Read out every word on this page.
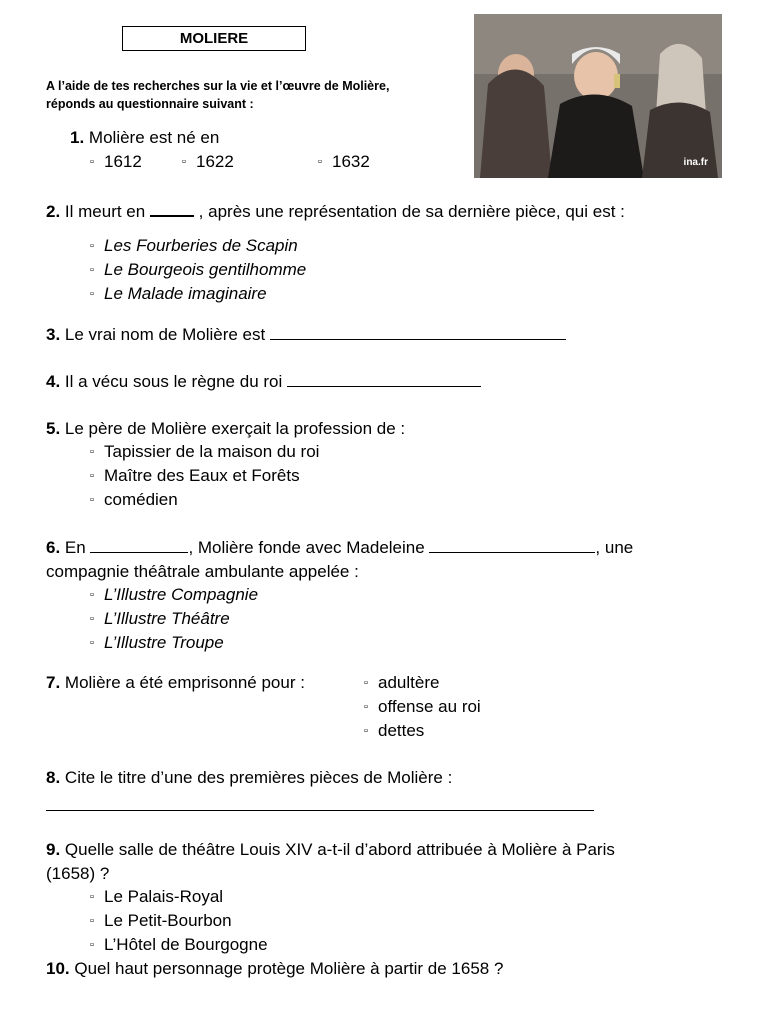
MOLIERE
A l’aide de tes recherches sur la vie et l’œuvre de Molière,
réponds au questionnaire suivant :
ina.fr
1. Molière est né en
▫ 1612	▫ 1622	▫ 1632
2. Il meurt en	, après une représentation de sa dernière pièce, qui est :
▫ Les Fourberies de Scapin
▫ Le Bourgeois gentilhomme
▫ Le Malade imaginaire
3. Le vrai nom de Molière est
4. Il a vécu sous le règne du roi
5. Le père de Molière exerçait la profession de :
▫ Tapissier de la maison du roi
▫ Maître des Eaux et Forêts
▫ comédien
6. En	, Molière fonde avec Madeleine	, une
compagnie théâtrale ambulante appelée :
▫ L’Illustre Compagnie
▫ L’Illustre Théâtre
▫ L’Illustre Troupe
7. Molière a été emprisonné pour :	▫ adultère
▫ offense au roi
▫ dettes
8. Cite le titre d’une des premières pièces de Molière :
9. Quelle salle de théâtre Louis XIV a-t-il d’abord attribuée à Molière à Paris
(1658) ?
▫ Le Palais-Royal
▫ Le Petit-Bourbon
▫ L’Hôtel de Bourgogne
10. Quel haut personnage protège Molière à partir de 1658 ?
